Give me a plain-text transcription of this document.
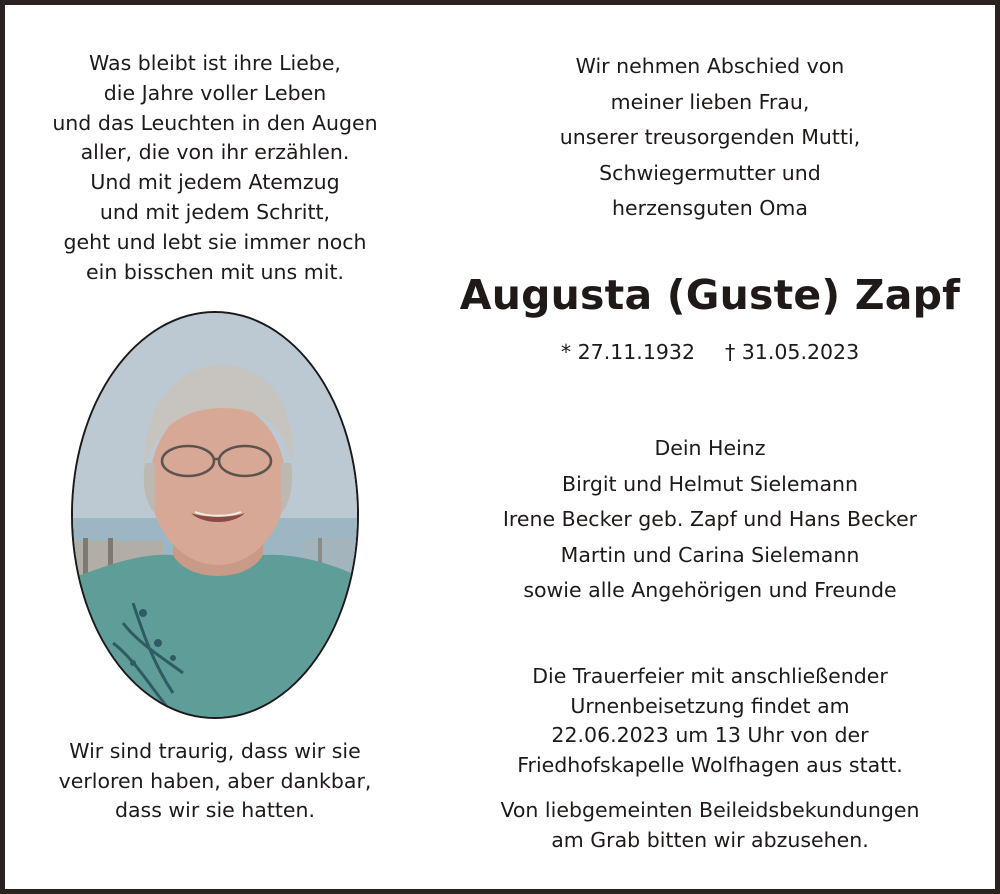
Was bleibt ist ihre Liebe,
die Jahre voller Leben
und das Leuchten in den Augen
aller, die von ihr erzählen.
Und mit jedem Atemzug
und mit jedem Schritt,
geht und lebt sie immer noch
ein bisschen mit uns mit.
Wir sind traurig, dass wir sie
verloren haben, aber dankbar,
dass wir sie hatten.
Wir nehmen Abschied von
meiner lieben Frau,
unserer treusorgenden Mutti,
Schwiegermutter und
herzensguten Oma
Augusta (Guste) Zapf
* 27.11.1932 † 31.05.2023
Dein Heinz
Birgit und Helmut Sielemann
Irene Becker geb. Zapf und Hans Becker
Martin und Carina Sielemann
sowie alle Angehörigen und Freunde
Die Trauerfeier mit anschließender
Urnenbeisetzung findet am
22.06.2023 um 13 Uhr von der
Friedhofskapelle Wolfhagen aus statt.
Von liebgemeinten Beileidsbekundungen
am Grab bitten wir abzusehen.
